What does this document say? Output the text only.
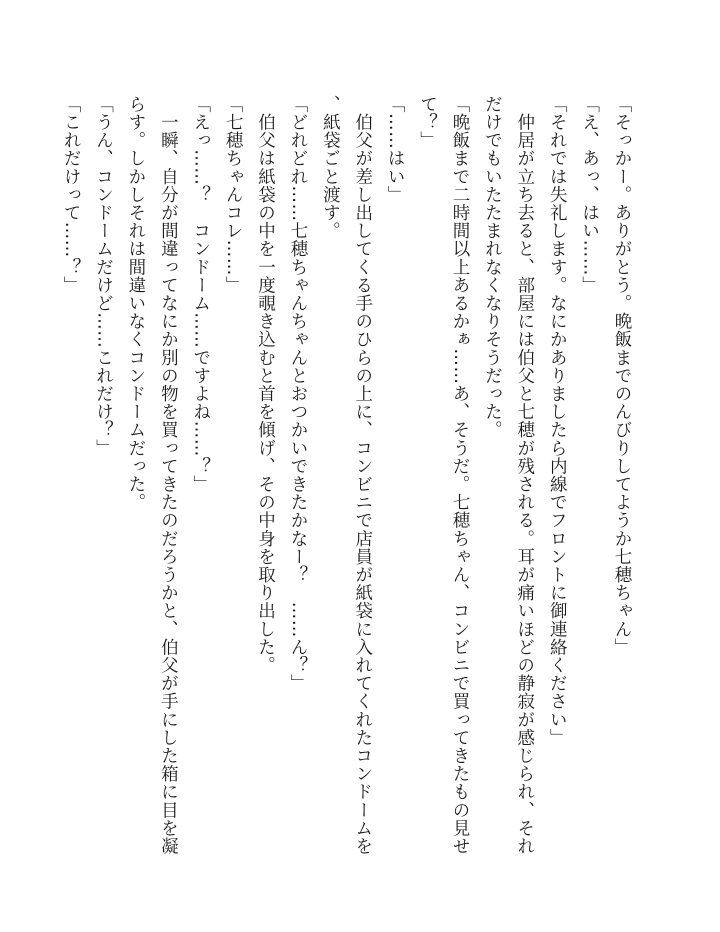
「そっかー。ありがとう。晩飯までのんびりしてようか七穂ちゃん」

「え、あっ、はい……」

「それでは失礼します。なにかありましたら内線でフロントに御連絡ください」

　仲居が立ち去ると、部屋には伯父と七穂が残される。耳が痛いほどの静寂が感じられ、それだけでもいたたまれなくなりそうだった。

「晩飯まで二時間以上あるかぁ……あ、そうだ。七穂ちゃん、コンビニで買ってきたもの見せて？」

「……はい」

　伯父が差し出してくる手のひらの上に、コンビニで店員が紙袋に入れてくれたコンドームを、紙袋ごと渡す。

「どれどれ……七穂ちゃんちゃんとおつかいできたかなー？　……ん？」

　伯父は紙袋の中を一度覗き込むと首を傾げ、その中身を取り出した。

「七穂ちゃんコレ……」

「えっ……？　コンドーム……ですよね……？」

　一瞬、自分が間違ってなにか別の物を買ってきたのだろうかと、伯父が手にした箱に目を凝らす。しかしそれは間違いなくコンドームだった。

「うん、コンドームだけど……これだけ？」

「これだけって……？」
